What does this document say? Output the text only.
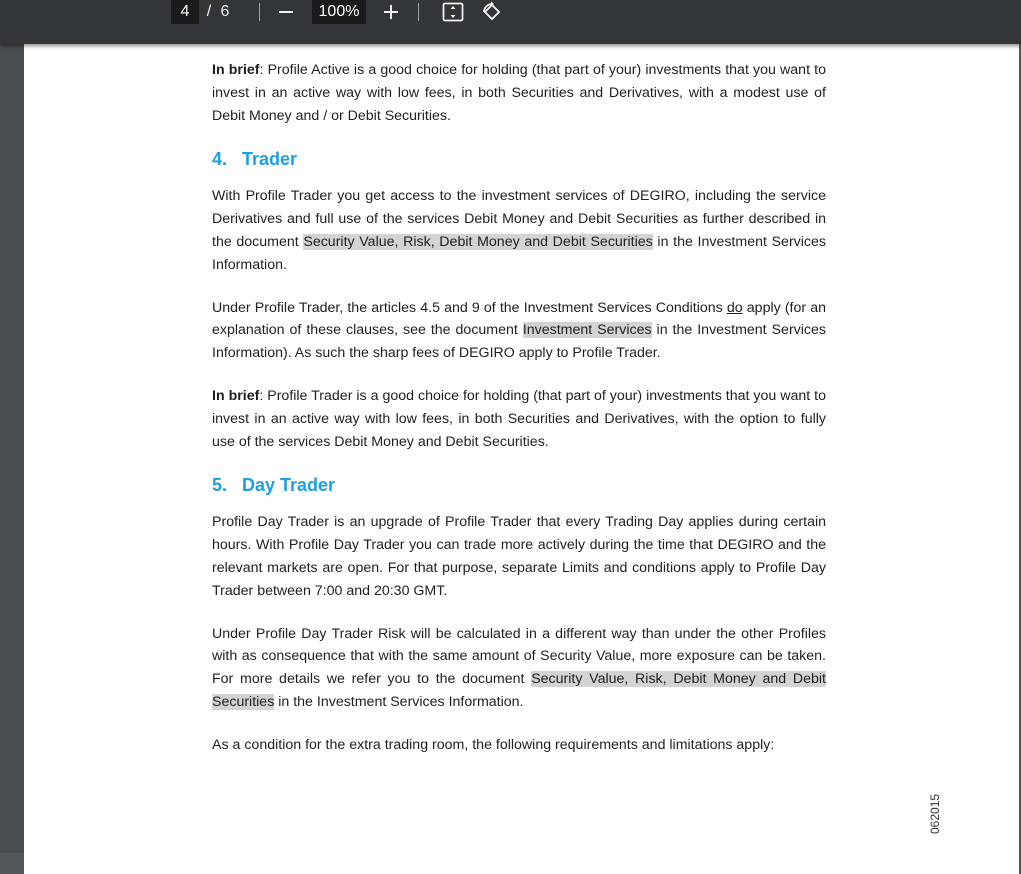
4	/ 6	100%

In brief: Profile Active is a good choice for holding (that part of your) investments that you want to invest in an active way with low fees, in both Securities and Derivatives, with a modest use of Debit Money and / or Debit Securities.

4. Trader

With Profile Trader you get access to the investment services of DEGIRO, including the service Derivatives and full use of the services Debit Money and Debit Securities as further described in the document Security Value, Risk, Debit Money and Debit Securities in the Investment Services Information.

Under Profile Trader, the articles 4.5 and 9 of the Investment Services Conditions do apply (for an explanation of these clauses, see the document Investment Services in the Investment Services Information). As such the sharp fees of DEGIRO apply to Profile Trader.

In brief: Profile Trader is a good choice for holding (that part of your) investments that you want to invest in an active way with low fees, in both Securities and Derivatives, with the option to fully use of the services Debit Money and Debit Securities.

5. Day Trader

Profile Day Trader is an upgrade of Profile Trader that every Trading Day applies during certain hours. With Profile Day Trader you can trade more actively during the time that DEGIRO and the relevant markets are open. For that purpose, separate Limits and conditions apply to Profile Day Trader between 7:00 and 20:30 GMT.

Under Profile Day Trader Risk will be calculated in a different way than under the other Profiles with as consequence that with the same amount of Security Value, more exposure can be taken. For more details we refer you to the document Security Value, Risk, Debit Money and Debit Securities in the Investment Services Information.

As a condition for the extra trading room, the following requirements and limitations apply:

062015
